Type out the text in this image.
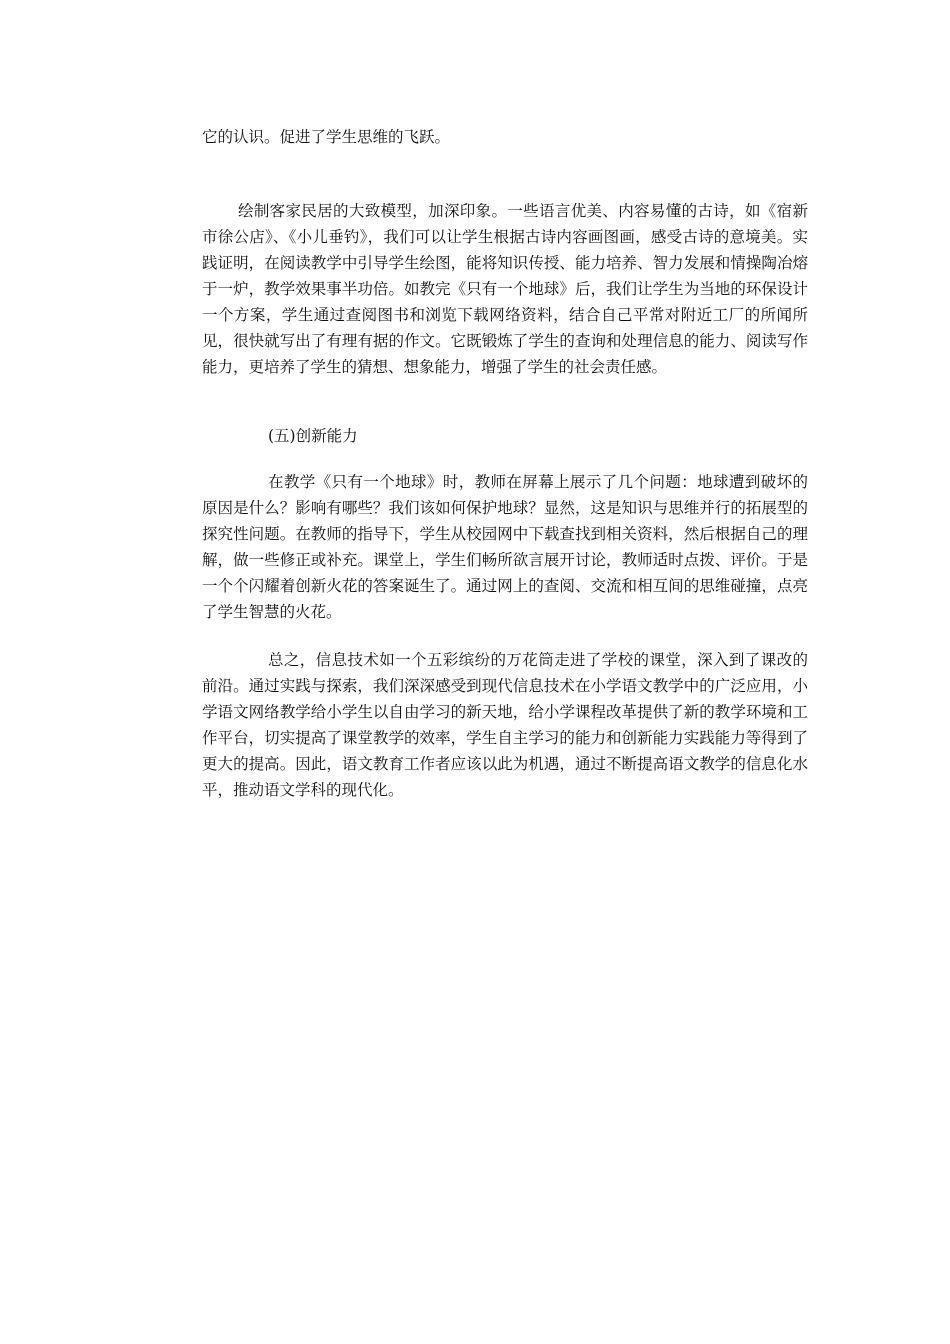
它的认识。促进了学生思维的飞跃。

绘制客家民居的大致模型，加深印象。一些语言优美、内容易懂的古诗，如《宿新市徐公店》、《小儿垂钓》，我们可以让学生根据古诗内容画图画，感受古诗的意境美。实践证明，在阅读教学中引导学生绘图，能将知识传授、能力培养、智力发展和情操陶冶熔于一炉，教学效果事半功倍。如教完《只有一个地球》后，我们让学生为当地的环保设计一个方案，学生通过查阅图书和浏览下载网络资料，结合自己平常对附近工厂的所闻所见，很快就写出了有理有据的作文。它既锻炼了学生的查询和处理信息的能力、阅读写作能力，更培养了学生的猜想、想象能力，增强了学生的社会责任感。

(五)创新能力

在教学《只有一个地球》时，教师在屏幕上展示了几个问题：地球遭到破坏的原因是什么？影响有哪些？我们该如何保护地球？显然，这是知识与思维并行的拓展型的探究性问题。在教师的指导下，学生从校园网中下载查找到相关资料，然后根据自己的理解，做一些修正或补充。课堂上，学生们畅所欲言展开讨论，教师适时点拨、评价。于是一个个闪耀着创新火花的答案诞生了。通过网上的查阅、交流和相互间的思维碰撞，点亮了学生智慧的火花。

总之，信息技术如一个五彩缤纷的万花筒走进了学校的课堂，深入到了课改的前沿。通过实践与探索，我们深深感受到现代信息技术在小学语文教学中的广泛应用，小学语文网络教学给小学生以自由学习的新天地，给小学课程改革提供了新的教学环境和工作平台，切实提高了课堂教学的效率，学生自主学习的能力和创新能力实践能力等得到了更大的提高。因此，语文教育工作者应该以此为机遇，通过不断提高语文教学的信息化水平，推动语文学科的现代化。
